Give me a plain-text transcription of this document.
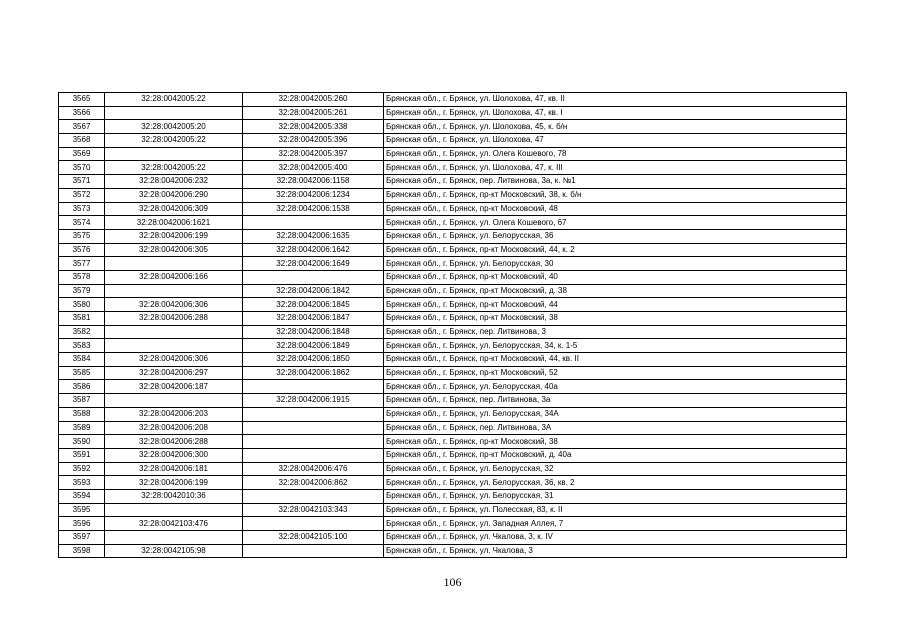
3565	32:28:0042005:22	32:28:0042005:260	Брянская обл., г. Брянск, ул. Шолохова, 47, кв. II
3566		32:28:0042005:261	Брянская обл., г. Брянск, ул. Шолохова, 47, кв. I
3567	32:28:0042005:20	32:28:0042005:338	Брянская обл., г. Брянск, ул. Шолохова, 45, к. б/н
3568	32:28:0042005:22	32:28:0042005:396	Брянская обл., г. Брянск, ул. Шолохова, 47
3569		32:28:0042005:397	Брянская обл., г. Брянск, ул. Олега Кошевого, 78
3570	32:28:0042005:22	32:28:0042005:400	Брянская обл., г. Брянск, ул. Шолохова, 47, к. III
3571	32:28:0042006:232	32:28:0042006:1158	Брянская обл., г. Брянск, пер. Литвинова, 3а, к. №1
3572	32:28:0042006:290	32:28:0042006:1234	Брянская обл., г. Брянск, пр-кт Московский, 38, к. б/н
3573	32:28:0042006:309	32:28:0042006:1538	Брянская обл., г. Брянск, пр-кт Московский, 48
3574	32:28:0042006:1621		Брянская обл., г. Брянск, ул. Олега Кошевого, 67
3575	32:28:0042006:199	32:28:0042006:1635	Брянская обл., г. Брянск, ул. Белорусская, 36
3576	32:28:0042006:305	32:28:0042006:1642	Брянская обл., г. Брянск, пр-кт Московский, 44, к. 2
3577		32:28:0042006:1649	Брянская обл., г. Брянск, ул. Белорусская, 30
3578	32:28:0042006:166		Брянская обл., г. Брянск, пр-кт Московский, 40
3579		32:28:0042006:1842	Брянская обл., г. Брянск, пр-кт Московский, д. 38
3580	32:28:0042006:306	32:28:0042006:1845	Брянская обл., г. Брянск, пр-кт Московский, 44
3581	32:28:0042006:288	32:28:0042006:1847	Брянская обл., г. Брянск, пр-кт Московский, 38
3582		32:28:0042006:1848	Брянская обл., г. Брянск, пер. Литвинова, 3
3583		32:28:0042006:1849	Брянская обл., г. Брянск, ул. Белорусская, 34, к. 1-5
3584	32:28:0042006:306	32:28:0042006:1850	Брянская обл., г. Брянск, пр-кт Московский, 44, кв. II
3585	32:28:0042006:297	32:28:0042006:1862	Брянская обл., г. Брянск, пр-кт Московский, 52
3586	32:28:0042006:187		Брянская обл., г. Брянск, ул. Белорусская, 40а
3587		32:28:0042006:1915	Брянская обл., г. Брянск, пер. Литвинова, 3а
3588	32:28:0042006:203		Брянская обл., г. Брянск, ул. Белорусская, 34А
3589	32:28:0042006:208		Брянская обл., г. Брянск, пер. Литвинова, 3А
3590	32:28:0042006:288		Брянская обл., г. Брянск, пр-кт Московский, 38
3591	32:28:0042006:300		Брянская обл., г. Брянск, пр-кт Московский, д. 40а
3592	32:28:0042006:181	32:28:0042006:476	Брянская обл., г. Брянск, ул. Белорусская, 32
3593	32:28:0042006:199	32:28:0042006:862	Брянская обл., г. Брянск, ул. Белорусская, 36, кв. 2
3594	32:28:0042010:36		Брянская обл., г. Брянск, ул. Белорусская, 31
3595		32:28:0042103:343	Брянская обл., г. Брянск, ул. Полесская, 83, к. II
3596	32:28:0042103:476		Брянская обл., г. Брянск, ул. Западная Аллея, 7
3597		32:28:0042105:100	Брянская обл., г. Брянск, ул. Чкалова, 3, к. IV
3598	32:28:0042105:98		Брянская обл., г. Брянск, ул. Чкалова, 3
106
